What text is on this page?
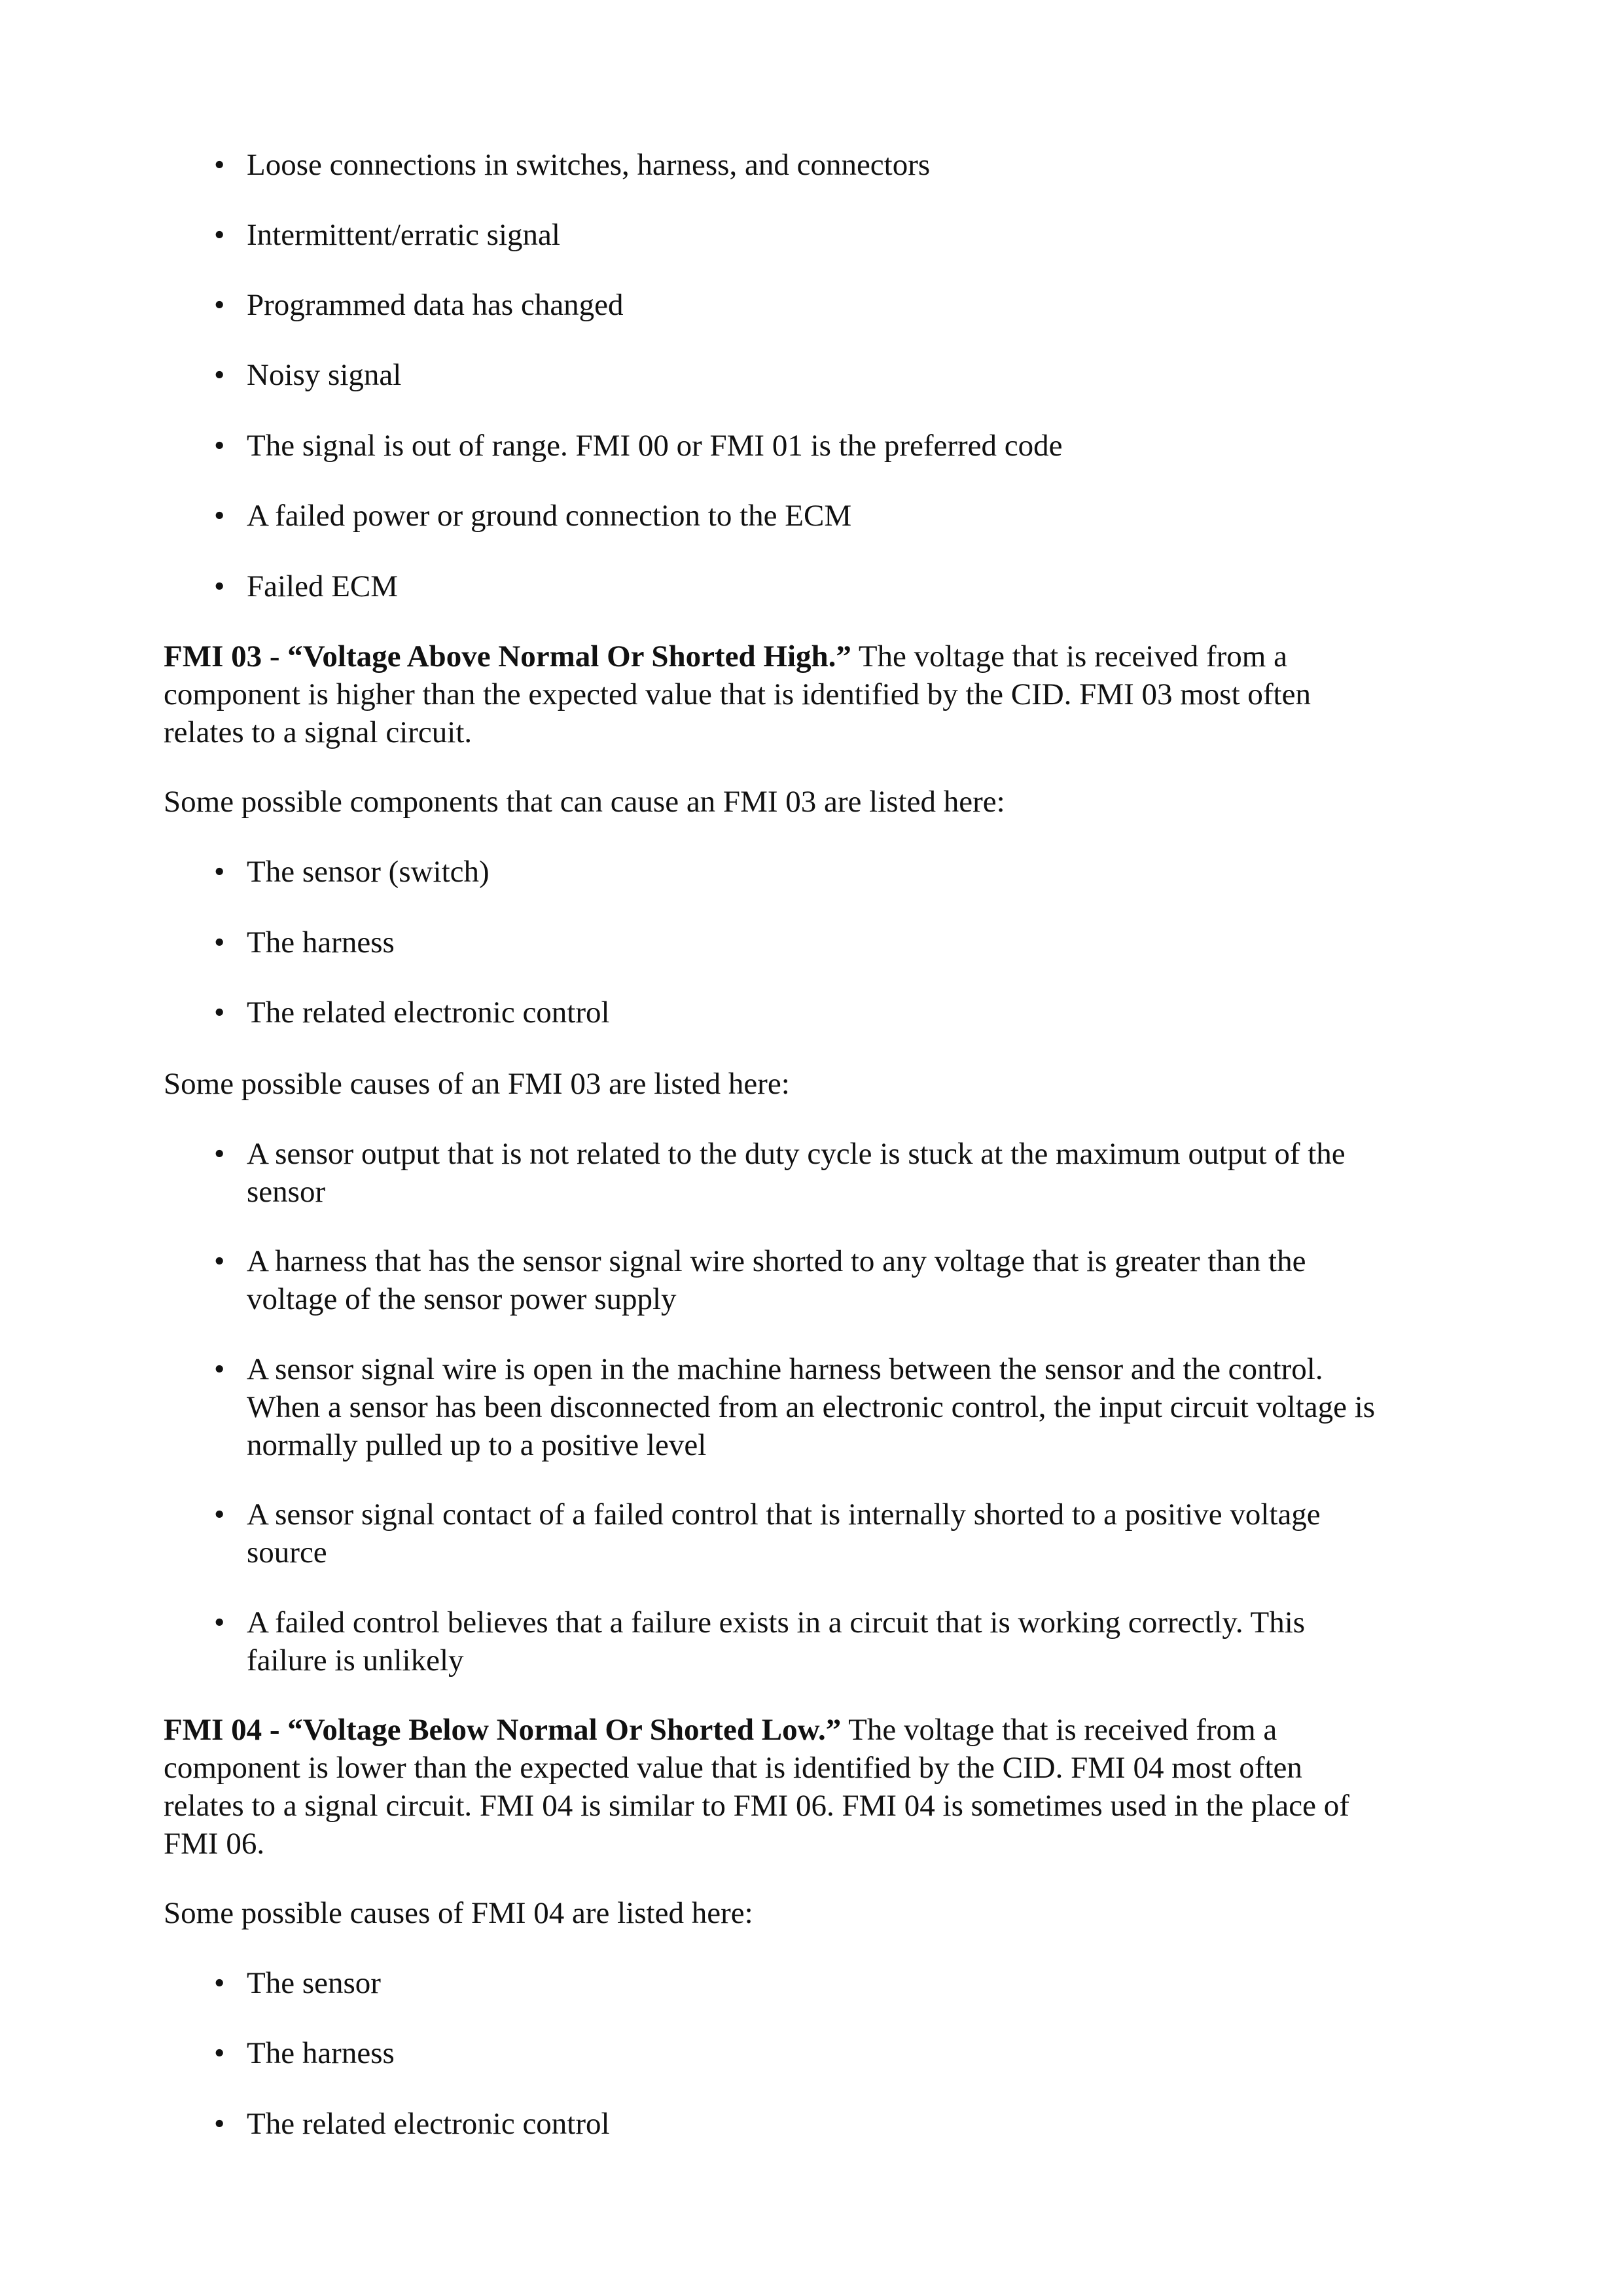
• Loose connections in switches, harness, and connectors
• Intermittent/erratic signal
• Programmed data has changed
• Noisy signal
• The signal is out of range. FMI 00 or FMI 01 is the preferred code
• A failed power or ground connection to the ECM
• Failed ECM
FMI 03 - “Voltage Above Normal Or Shorted High.” The voltage that is received from a
component is higher than the expected value that is identified by the CID. FMI 03 most often
relates to a signal circuit.
Some possible components that can cause an FMI 03 are listed here:
• The sensor (switch)
• The harness
• The related electronic control
Some possible causes of an FMI 03 are listed here:
• A sensor output that is not related to the duty cycle is stuck at the maximum output of the
sensor
• A harness that has the sensor signal wire shorted to any voltage that is greater than the
voltage of the sensor power supply
• A sensor signal wire is open in the machine harness between the sensor and the control.
When a sensor has been disconnected from an electronic control, the input circuit voltage is
normally pulled up to a positive level
• A sensor signal contact of a failed control that is internally shorted to a positive voltage
source
• A failed control believes that a failure exists in a circuit that is working correctly. This
failure is unlikely
FMI 04 - “Voltage Below Normal Or Shorted Low.” The voltage that is received from a
component is lower than the expected value that is identified by the CID. FMI 04 most often
relates to a signal circuit. FMI 04 is similar to FMI 06. FMI 04 is sometimes used in the place of
FMI 06.
Some possible causes of FMI 04 are listed here:
• The sensor
• The harness
• The related electronic control
